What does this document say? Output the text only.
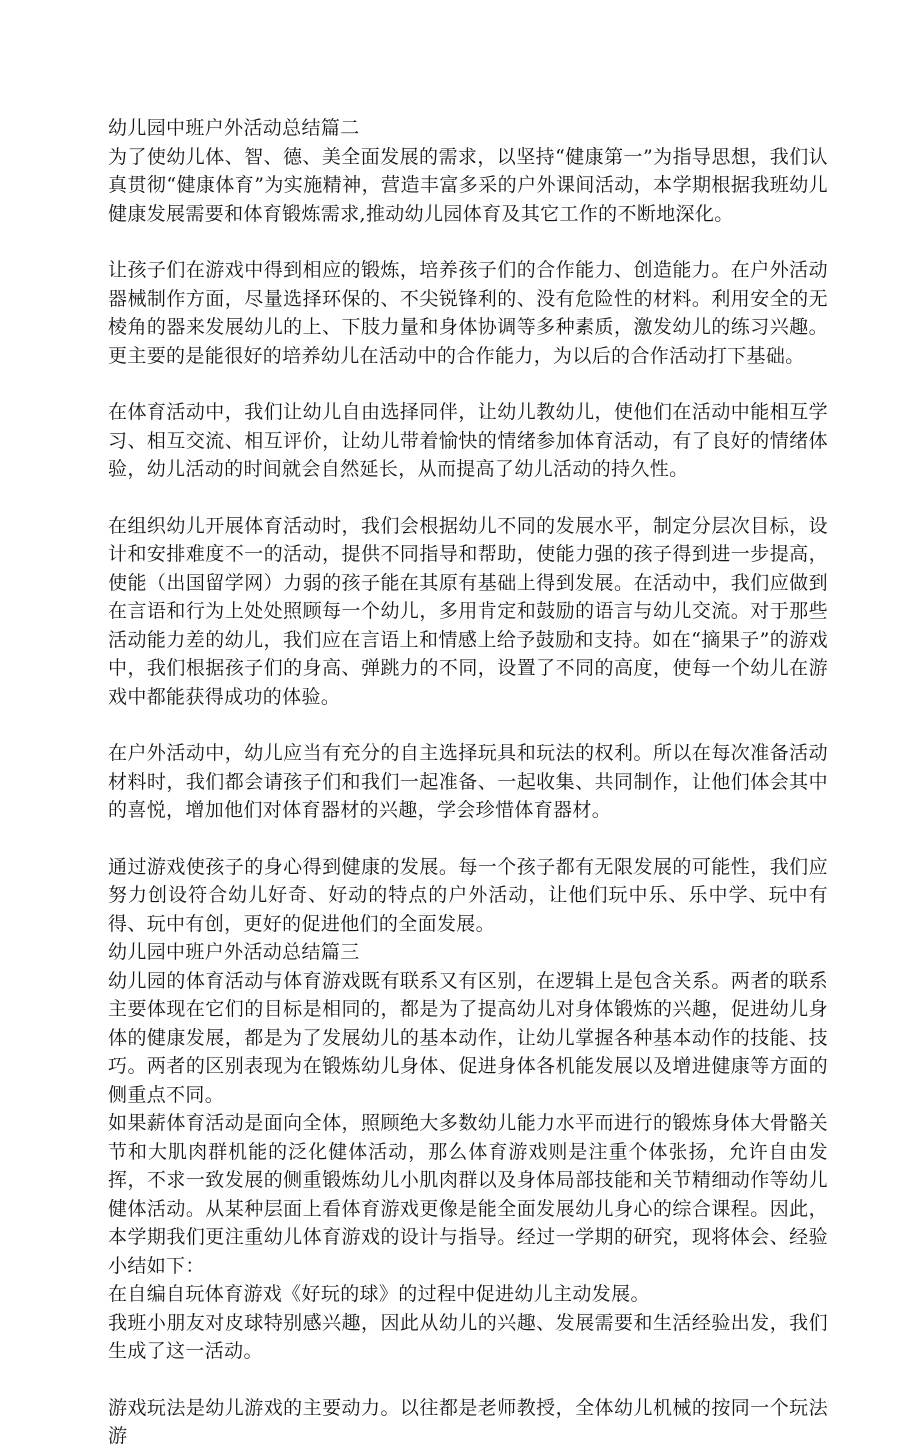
幼儿园中班户外活动总结篇二

为了使幼儿体、智、德、美全面发展的需求，以坚持“健康第一”为指导思想，我们认真贯彻“健康体育”为实施精神，营造丰富多采的户外课间活动，本学期根据我班幼儿健康发展需要和体育锻炼需求,推动幼儿园体育及其它工作的不断地深化。

让孩子们在游戏中得到相应的锻炼，培养孩子们的合作能力、创造能力。在户外活动器械制作方面，尽量选择环保的、不尖锐锋利的、没有危险性的材料。利用安全的无棱角的器来发展幼儿的上、下肢力量和身体协调等多种素质，激发幼儿的练习兴趣。更主要的是能很好的培养幼儿在活动中的合作能力，为以后的合作活动打下基础。

在体育活动中，我们让幼儿自由选择同伴，让幼儿教幼儿，使他们在活动中能相互学习、相互交流、相互评价，让幼儿带着愉快的情绪参加体育活动，有了良好的情绪体验，幼儿活动的时间就会自然延长，从而提高了幼儿活动的持久性。

在组织幼儿开展体育活动时，我们会根据幼儿不同的发展水平，制定分层次目标，设计和安排难度不一的活动，提供不同指导和帮助，使能力强的孩子得到进一步提高，使能（出国留学网）力弱的孩子能在其原有基础上得到发展。在活动中，我们应做到在言语和行为上处处照顾每一个幼儿，多用肯定和鼓励的语言与幼儿交流。对于那些活动能力差的幼儿，我们应在言语上和情感上给予鼓励和支持。如在“摘果子”的游戏中，我们根据孩子们的身高、弹跳力的不同，设置了不同的高度，使每一个幼儿在游戏中都能获得成功的体验。

在户外活动中，幼儿应当有充分的自主选择玩具和玩法的权利。所以在每次准备活动材料时，我们都会请孩子们和我们一起准备、一起收集、共同制作，让他们体会其中的喜悦，增加他们对体育器材的兴趣，学会珍惜体育器材。

通过游戏使孩子的身心得到健康的发展。每一个孩子都有无限发展的可能性，我们应努力创设符合幼儿好奇、好动的特点的户外活动，让他们玩中乐、乐中学、玩中有得、玩中有创，更好的促进他们的全面发展。

幼儿园中班户外活动总结篇三

幼儿园的体育活动与体育游戏既有联系又有区别，在逻辑上是包含关系。两者的联系主要体现在它们的目标是相同的，都是为了提高幼儿对身体锻炼的兴趣，促进幼儿身体的健康发展，都是为了发展幼儿的基本动作，让幼儿掌握各种基本动作的技能、技巧。两者的区别表现为在锻炼幼儿身体、促进身体各机能发展以及增进健康等方面的侧重点不同。

如果薪体育活动是面向全体，照顾绝大多数幼儿能力水平而进行的锻炼身体大骨骼关节和大肌肉群机能的泛化健体活动，那么体育游戏则是注重个体张扬，允许自由发挥，不求一致发展的侧重锻炼幼儿小肌肉群以及身体局部技能和关节精细动作等幼儿健体活动。从某种层面上看体育游戏更像是能全面发展幼儿身心的综合课程。因此，本学期我们更注重幼儿体育游戏的设计与指导。经过一学期的研究，现将体会、经验小结如下：

在自编自玩体育游戏《好玩的球》的过程中促进幼儿主动发展。

我班小朋友对皮球特别感兴趣，因此从幼儿的兴趣、发展需要和生活经验出发，我们生成了这一活动。

游戏玩法是幼儿游戏的主要动力。以往都是老师教授，全体幼儿机械的按同一个玩法游
